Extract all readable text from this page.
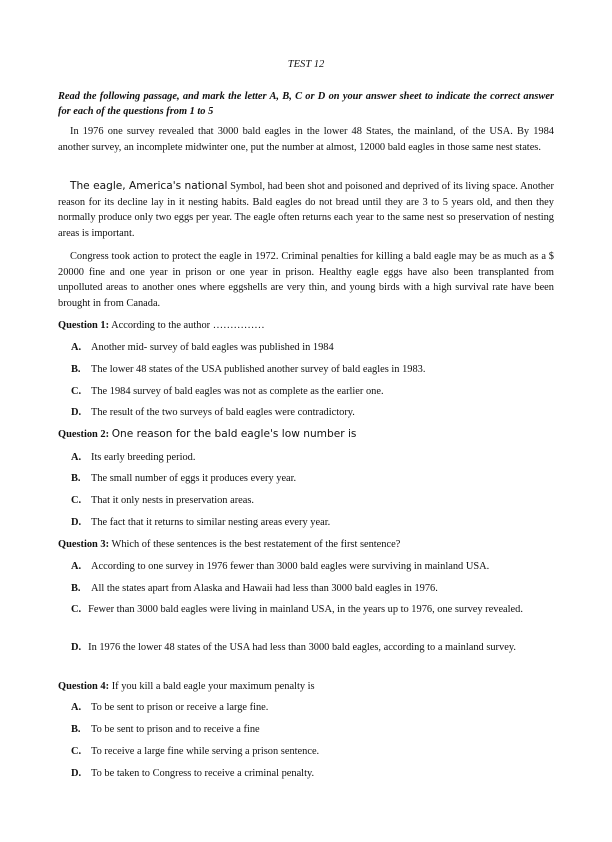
TEST 12
Read the following passage, and mark the letter A, B, C or D on your answer sheet to indicate the correct answer for each of the questions from 1 to 5
In 1976 one survey revealed that 3000 bald eagles in the lower 48 States, the mainland, of the USA. By 1984 another survey, an incomplete midwinter one, put the number at almost, 12000 bald eagles in those same nest states.
The eagle, America's national Symbol, had been shot and poisoned and deprived of its living space. Another reason for its decline lay in it nesting habits. Bald eagles do not bread until they are 3 to 5 years old, and then they normally produce only two eggs per year. The eagle often returns each year to the same nest so preservation of nesting areas is important.
Congress took action to protect the eagle in 1972. Criminal penalties for killing a bald eagle may be as much as a $ 20000 fine and one year in prison or one year in prison. Healthy eagle eggs have also been transplanted from unpolluted areas to another ones where eggshells are very thin, and young birds with a high survival rate have been brought in from Canada.
Question 1: According to the author ……………
A. Another mid- survey of bald eagles was published in 1984
B. The lower 48 states of the USA published another survey of bald eagles in 1983.
C. The 1984 survey of bald eagles was not as complete as the earlier one.
D. The result of the two surveys of bald eagles were contradictory.
Question 2: One reason for the bald eagle's low number is
A. Its early breeding period.
B. The small number of eggs it produces every year.
C. That it only nests in preservation areas.
D. The fact that it returns to similar nesting areas every year.
Question 3: Which of these sentences is the best restatement of the first sentence?
A. According to one survey in 1976 fewer than 3000 bald eagles were surviving in mainland USA.
B. All the states apart from Alaska and Hawaii had less than 3000 bald eagles in 1976.
C. Fewer than 3000 bald eagles were living in mainland USA, in the years up to 1976, one survey revealed.
D. In 1976 the lower 48 states of the USA had less than 3000 bald eagles, according to a mainland survey.
Question 4: If you kill a bald eagle your maximum penalty is
A. To be sent to prison or receive a large fine.
B. To be sent to prison and to receive a fine
C. To receive a large fine while serving a prison sentence.
D. To be taken to Congress to receive a criminal penalty.
